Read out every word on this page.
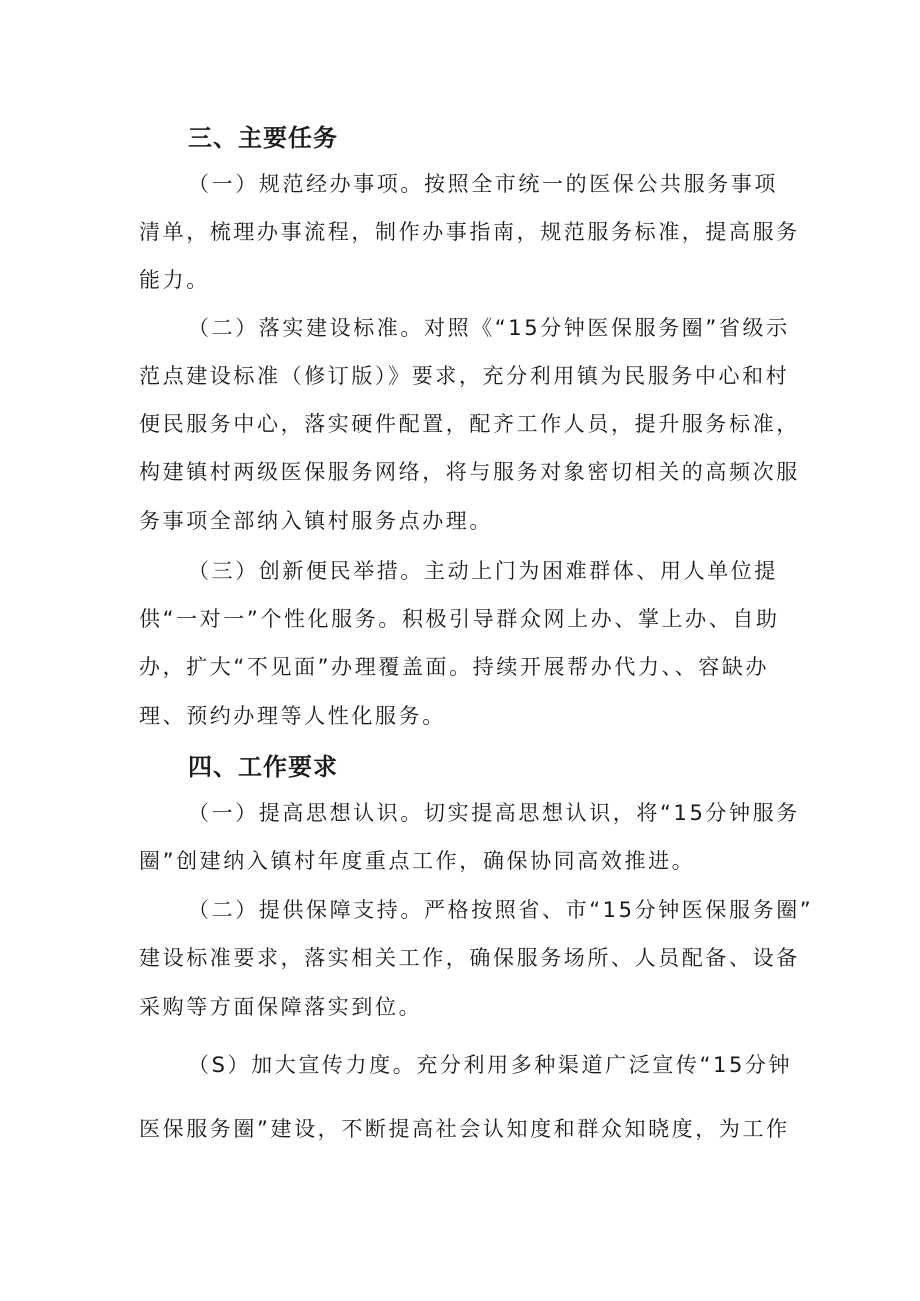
三、主要任务
（一）规范经办事项。按照全市统一的医保公共服务事项
清单，梳理办事流程，制作办事指南，规范服务标准，提高服务
能力。
（二）落实建设标准。对照《“15分钟医保服务圈”省级示
范点建设标准（修订版）》要求，充分利用镇为民服务中心和村
便民服务中心，落实硬件配置，配齐工作人员，提升服务标准，
构建镇村两级医保服务网络，将与服务对象密切相关的高频次服
务事项全部纳入镇村服务点办理。
（三）创新便民举措。主动上门为困难群体、用人单位提
供“一对一”个性化服务。积极引导群众网上办、掌上办、自助
办，扩大“不见面”办理覆盖面。持续开展帮办代力、、容缺办
理、预约办理等人性化服务。
四、工作要求
（一）提高思想认识。切实提高思想认识，将“15分钟服务
圈”创建纳入镇村年度重点工作，确保协同高效推进。
（二）提供保障支持。严格按照省、市“15分钟医保服务圈”
建设标准要求，落实相关工作，确保服务场所、人员配备、设备
采购等方面保障落实到位。
（S）加大宣传力度。充分利用多种渠道广泛宣传“15分钟
医保服务圈”建设，不断提高社会认知度和群众知晓度，为工作
